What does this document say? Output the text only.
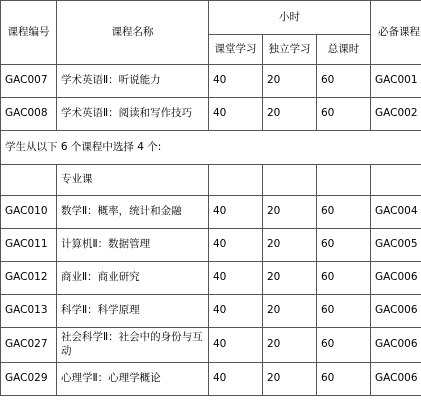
课程编号	课程名称	小时			必备课程
		课堂学习	独立学习	总课时	
GAC007	学术英语Ⅱ：听说能力	40	20	60	GAC001
GAC008	学术英语Ⅱ：阅读和写作技巧	40	20	60	GAC002
学生从以下 6 个课程中选择 4 个:					
	专业课				
GAC010	数学Ⅱ：概率，统计和金融	40	20	60	GAC004
GAC011	计算机Ⅱ：数据管理	40	20	60	GAC005
GAC012	商业Ⅱ：商业研究	40	20	60	GAC006
GAC013	科学Ⅱ：科学原理	40	20	60	GAC006
GAC027	社会科学Ⅱ：社会中的身份与互动	40	20	60	GAC006
GAC029	心理学Ⅱ：心理学概论	40	20	60	GAC006
